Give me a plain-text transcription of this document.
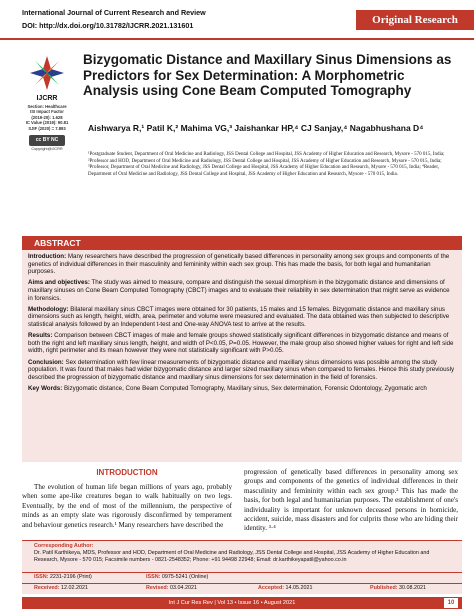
International Journal of Current Research and Review
DOI: http://dx.doi.org/10.31782/IJCRR.2021.131601	Original Research
IJCRR
Section: Healthcare
ISI Impact Factor
(2019-20): 1.628
IC Value (2019): 90.81
SJIF (2020) = 7.893
cc BY NC
Copyright@IJCRR
Bizygomatic Distance and Maxillary Sinus Dimensions as Predictors for Sex Determination: A Morphometric Analysis using Cone Beam Computed Tomography
Aishwarya R,¹ Patil K,² Mahima VG,³ Jaishankar HP,⁴ CJ Sanjay,⁴ Nagabhushana D⁴
¹Postgraduate Student, Department of Oral Medicine and Radiology, JSS Dental College and Hospital, JSS Academy of Higher Education and Research, Mysore - 570 015, India; ²Professor and HOD, Department of Oral Medicine and Radiology, JSS Dental College and Hospital, JSS Academy of Higher Education and Research, Mysore - 570 015, India; ³Professor, Department of Oral Medicine and Radiology, JSS Dental College and Hospital, JSS Academy of Higher Education and Research, Mysore - 570 015, India; ⁴Reader, Department of Oral Medicine and Radiology, JSS Dental College and Hospital, JSS Academy of Higher Education and Research, Mysore - 570 015, India.
ABSTRACT

Introduction: Many researchers have described the progression of genetically based differences in personality among sex groups and components of the genetics of individual differences in their masculinity and femininity within each sex group. This has made the basis, for both legal and humanitarian purposes.

Aims and objectives: The study was aimed to measure, compare and distinguish the sexual dimorphism in the bizygomatic distance and dimensions of maxillary sinuses on Cone Beam Computed Tomography (CBCT) images and to evaluate their reliability in sex determination that might serve as evidence in forensics.

Methodology: Bilateral maxillary sinus CBCT images were obtained for 30 patients, 15 males and 15 females. Bizygomatic distance and maxillary sinus dimensions such as length, height, width, area, perimeter and volume were measured and evaluated. The data obtained was then subjected to descriptive statistical analysis followed by an Independent t-test and One-way ANOVA test to arrive at the results.

Results: Comparison between CBCT images of male and female groups showed statistically significant differences in bizygomatic distance and means of both the right and left maxillary sinus length, height, and width of P<0.05, P=0.05. However, the male group also showed higher values for right and left side width, right perimeter and its mean however they were not statistically significant with P>0.05.

Conclusion: Sex determination with few linear measurements of bizygomatic distance and maxillary sinus dimensions was possible among the study population. It was found that males had wider bizygomatic distance and larger sized maxillary sinus when compared to females. Hence this study previously described the progression of bizygomatic distance and maxillary sinus dimensions for sex determination in the field of forensics.

Key Words: Bizygomatic distance, Cone Beam Computed Tomography, Maxillary sinus, Sex determination, Forensic Odontology, Zygomatic arch

INTRODUCTION
The evolution of human life began millions of years ago, probably when some ape-like creatures began to walk habitually on two legs. Eventually, by the end of most of the millennium, the perspective of minds as an empty slate was rigorously disconfirmed by temperament and behaviour genetics research.¹ Many researchers have described the
progression of genetically based differences in personality among sex groups and components of the genetics of individual differences in their masculinity and femininity within each sex group.² This has made the basis, for both legal and humanitarian purposes. The establishment of one's individuality is important for unknown deceased persons in homicide, accident, suicide, mass disasters and for culprits those who are hiding their identity. ³·⁴
Corresponding Author:
Dr. Patil Karthikeya, MDS, Professor and HOD, Department of Oral Medicine and Radiology, JSS Dental College and Hospital, JSS Academy of Higher Education and Research, Mysore - 570 015; Facsimile numbers - 0821-2548352; Phone: +91 94498 22948; Email: dr.karthikeyapatil@yahoo.co.in
ISSN: 2231-2196 (Print)	ISSN: 0975-5241 (Online)
Received: 12.02.2021	Revised: 03.04.2021	Accepted: 14.05.2021	Published: 30.08.2021
Int J Cur Res Rev | Vol 13 • Issue 16 • August 2021	10
